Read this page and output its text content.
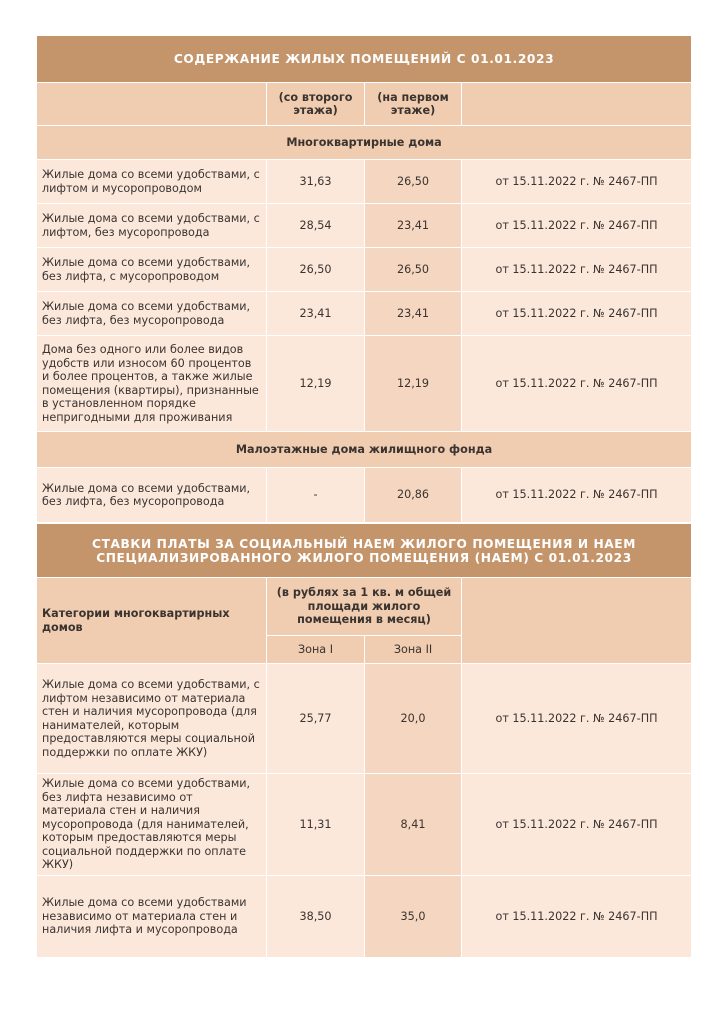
СОДЕРЖАНИЕ ЖИЛЫХ ПОМЕЩЕНИЙ С 01.01.2023			
	(со второго этажа)	(на первом этаже)	
Многоквартирные дома			
Жилые дома со всеми удобствами, с лифтом и мусоропроводом	31,63	26,50	от 15.11.2022 г. № 2467-ПП
Жилые дома со всеми удобствами, с лифтом, без мусоропровода	28,54	23,41	от 15.11.2022 г. № 2467-ПП
Жилые дома со всеми удобствами, без лифта, с мусоропроводом	26,50	26,50	от 15.11.2022 г. № 2467-ПП
Жилые дома со всеми удобствами, без лифта, без мусоропровода	23,41	23,41	от 15.11.2022 г. № 2467-ПП
Дома без одного или более видов удобств или износом 60 процентов и более процентов, а также жилые помещения (квартиры), признанные в установленном порядке непригодными для проживания	12,19	12,19	от 15.11.2022 г. № 2467-ПП
Малоэтажные дома жилищного фонда			
Жилые дома со всеми удобствами, без лифта, без мусоропровода	-	20,86	от 15.11.2022 г. № 2467-ПП
СТАВКИ ПЛАТЫ ЗА СОЦИАЛЬНЫЙ НАЕМ ЖИЛОГО ПОМЕЩЕНИЯ И НАЕМ
СПЕЦИАЛИЗИРОВАННОГО ЖИЛОГО ПОМЕЩЕНИЯ (НАЕМ) С 01.01.2023			

Категории многоквартирных домов	(в рублях за 1 кв. м общей площади жилого помещения в месяц)		
	Зона I	Зона II	
Жилые дома со всеми удобствами, с лифтом независимо от материала стен и наличия мусоропровода (для нанимателей, которым предоставляются меры социальной поддержки по оплате ЖКУ)	25,77	20,0	от 15.11.2022 г. № 2467-ПП
Жилые дома со всеми удобствами, без лифта независимо от материала стен и наличия мусоропровода (для нанимателей, которым предоставляются меры социальной поддержки по оплате ЖКУ)	11,31	8,41	от 15.11.2022 г. № 2467-ПП
Жилые дома со всеми удобствами независимо от материала стен и наличия лифта и мусоропровода	38,50	35,0	от 15.11.2022 г. № 2467-ПП
